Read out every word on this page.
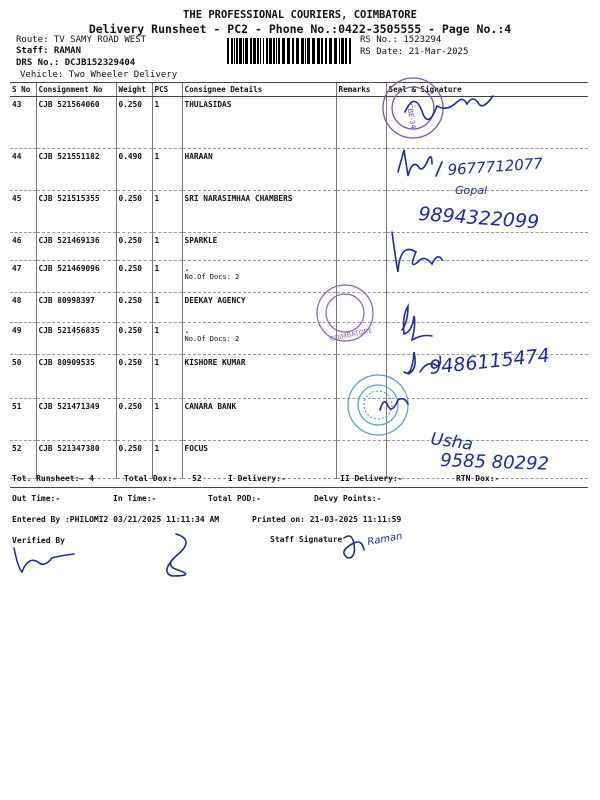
THE PROFESSIONAL COURIERS, COIMBATORE
Delivery Runsheet - PC2 - Phone No.:0422-3505555 - Page No.:4
Route: TV SAMY ROAD WEST
Staff: RAMAN
DRS No.: DCJB152329404
Vehicle: Two Wheeler Delivery
RS No.: 1523294
RS Date: 21-Mar-2025
S No	Consignment No	Weight	PCS	Consignee Details	Remarks	Seal & Signature
43	CJB 521564060	0.250	1	THULASIDAS		
44	CJB 521551182	0.490	1	HARAAN		
45	CJB 521515355	0.250	1	SRI NARASIMHAA CHAMBERS		
46	CJB 521469136	0.250	1	SPARKLE		
47	CJB 521469096	0.250	1	.
No.Of Docs: 2		

48	CJB 80998397	0.250	1	DEEKAY AGENCY		
49	CJB 521456835	0.250	1	.
No.Of Docs: 2		

50	CJB 80909535	0.250	1	KISHORE KUMAR		
51	CJB 521471349	0.250	1	CANARA BANK		
52	CJB 521347380	0.250	1	FOCUS		
Tot. Runsheet:- 4	Total Dox:- 52	I Delivery:-	II Delivery:-	RTN Dox:-
Out Time:-	In Time:-	Total POD:-	Delvy Points:-
Entered By :PHILOMI2 03/21/2025 11:11:34 AM	Printed on: 21-03-2025 11:11:59
Verified By	Staff Signature
CBE-34
COIMBATORE
9677712077
Gopal
9894322099
9486115474
Usha
9585 80292
Raman
